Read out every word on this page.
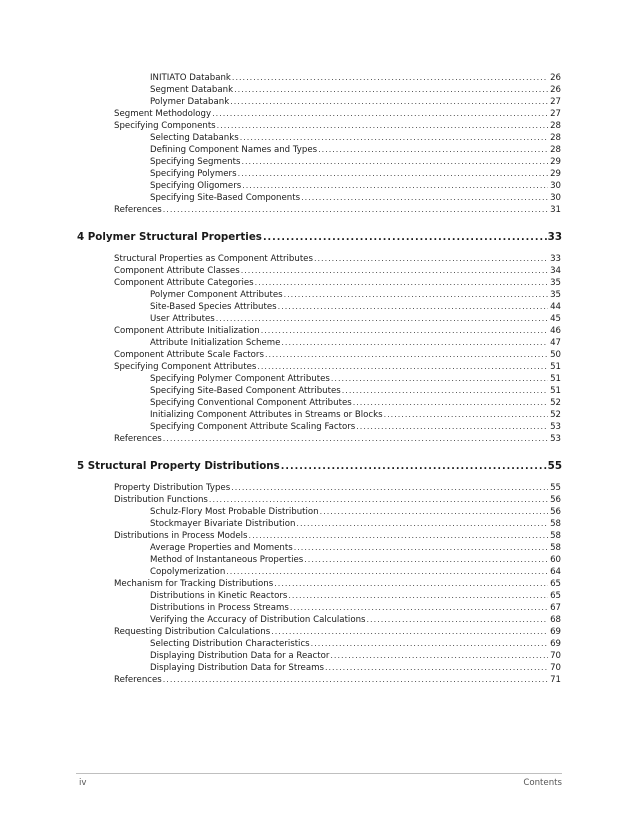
INITIATO Databank .....	26
Segment Databank .....	26
Polymer Databank .....	27
Segment Methodology .....	27
Specifying Components .....	28
Selecting Databanks .....	28
Defining Component Names and Types .....	28
Specifying Segments .....	29
Specifying Polymers .....	29
Specifying Oligomers .....	30
Specifying Site-Based Components .....	30
References .....	31
4 Polymer Structural Properties .....	33
Structural Properties as Component Attributes .....	33
Component Attribute Classes .....	34
Component Attribute Categories .....	35
Polymer Component Attributes .....	35
Site-Based Species Attributes .....	44
User Attributes .....	45
Component Attribute Initialization .....	46
Attribute Initialization Scheme .....	47
Component Attribute Scale Factors .....	50
Specifying Component Attributes .....	51
Specifying Polymer Component Attributes .....	51
Specifying Site-Based Component Attributes .....	51
Specifying Conventional Component Attributes .....	52
Initializing Component Attributes in Streams or Blocks .....	52
Specifying Component Attribute Scaling Factors .....	53
References .....	53
5 Structural Property Distributions .....	55
Property Distribution Types .....	55
Distribution Functions .....	56
Schulz-Flory Most Probable Distribution .....	56
Stockmayer Bivariate Distribution .....	58
Distributions in Process Models .....	58
Average Properties and Moments .....	58
Method of Instantaneous Properties .....	60
Copolymerization .....	64
Mechanism for Tracking Distributions .....	65
Distributions in Kinetic Reactors .....	65
Distributions in Process Streams .....	67
Verifying the Accuracy of Distribution Calculations .....	68
Requesting Distribution Calculations .....	69
Selecting Distribution Characteristics .....	69
Displaying Distribution Data for a Reactor .....	70
Displaying Distribution Data for Streams .....	70
References .....	71
iv	Contents
